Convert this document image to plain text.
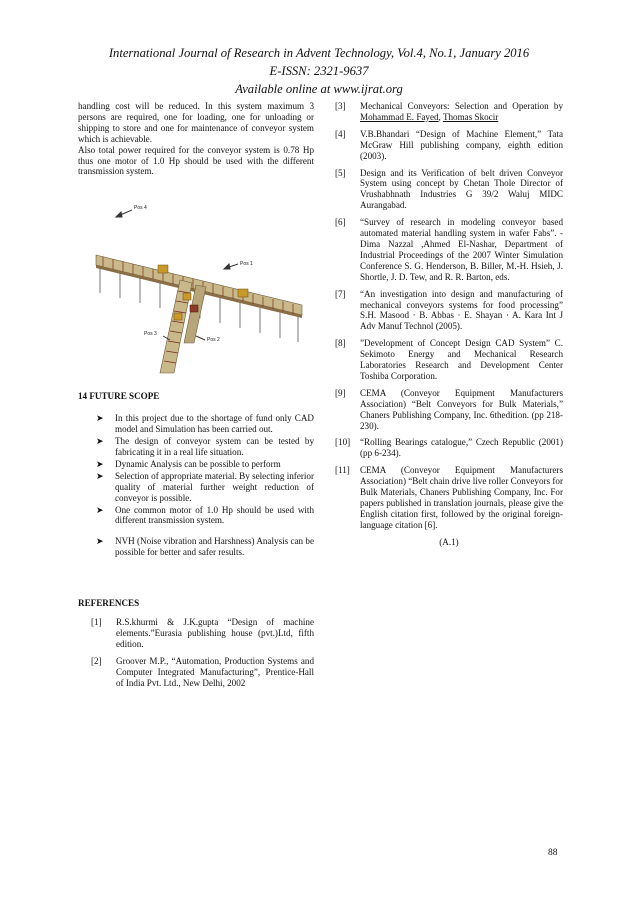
International Journal of Research in Advent Technology, Vol.4, No.1, January 2016
E-ISSN: 2321-9637
Available online at www.ijrat.org

handling cost will be reduced. In this system maximum 3 persons are required, one for loading, one for unloading or shipping to store and one for maintenance of conveyor system which is achievable.

Also total power required for the conveyor system is 0.78 Hp thus one motor of 1.0 Hp should be used with the different transmission system.

Pos 4
Pos 1
Pos 3
Pos 2

14 FUTURE SCOPE

➤ In this project due to the shortage of fund only CAD model and Simulation has been carried out.
➤ The design of conveyor system can be tested by fabricating it in a real life situation.
➤ Dynamic Analysis can be possible to perform
➤ Selection of appropriate material. By selecting inferior quality of material further weight reduction of conveyor is possible.
➤ One common motor of 1.0 Hp should be used with different transmission system.
➤ NVH (Noise vibration and Harshness) Analysis can be possible for better and safer results.

REFERENCES

[1] R.S.khurmi & J.K.gupta “Design of machine elements.”Eurasia publishing house (pvt.)Ltd, fifth edition.
[2] Groover M.P., “Automation, Production Systems and Computer Integrated Manufacturing”, Prentice-Hall of India Pvt. Ltd., New Delhi, 2002
[3] Mechanical Conveyors: Selection and Operation by Mohammad E. Fayed, Thomas Skocir
[4] V.B.Bhandari “Design of Machine Element,” Tata McGraw Hill publishing company, eighth edition (2003).
[5] Design and its Verification of belt driven Conveyor System using concept by Chetan Thole Director of Vrushabhnath Industries G 39/2 Waluj MIDC Aurangabad.
[6] “Survey of research in modeling conveyor based automated material handling system in wafer Fabs”. - Dima Nazzal ,Ahmed El-Nashar, Department of Industrial Proceedings of the 2007 Winter Simulation Conference S. G. Henderson, B. Biller, M.-H. Hsieh, J. Shortle, J. D. Tew, and R. R. Barton, eds.
[7] “An investigation into design and manufacturing of mechanical conveyors systems for food processing” S.H. Masood · B. Abbas · E. Shayan · A. Kara Int J Adv Manuf Technol (2005).
[8] ”Development of Concept Design CAD System” C. Sekimoto Energy and Mechanical Research Laboratories Research and Development Center Toshiba Corporation.
[9] CEMA (Conveyor Equipment Manufacturers Association) “Belt Conveyors for Bulk Materials,” Chaners Publishing Company, Inc. 6thedition. (pp 218-230).
[10] “Rolling Bearings catalogue,” Czech Republic (2001) (pp 6-234).
[11] CEMA (Conveyor Equipment Manufacturers Association) “Belt chain drive live roller Conveyors for Bulk Materials, Chaners Publishing Company, Inc. For papers published in translation journals, please give the English citation first, followed by the original foreign-language citation [6].

(A.1)

88
